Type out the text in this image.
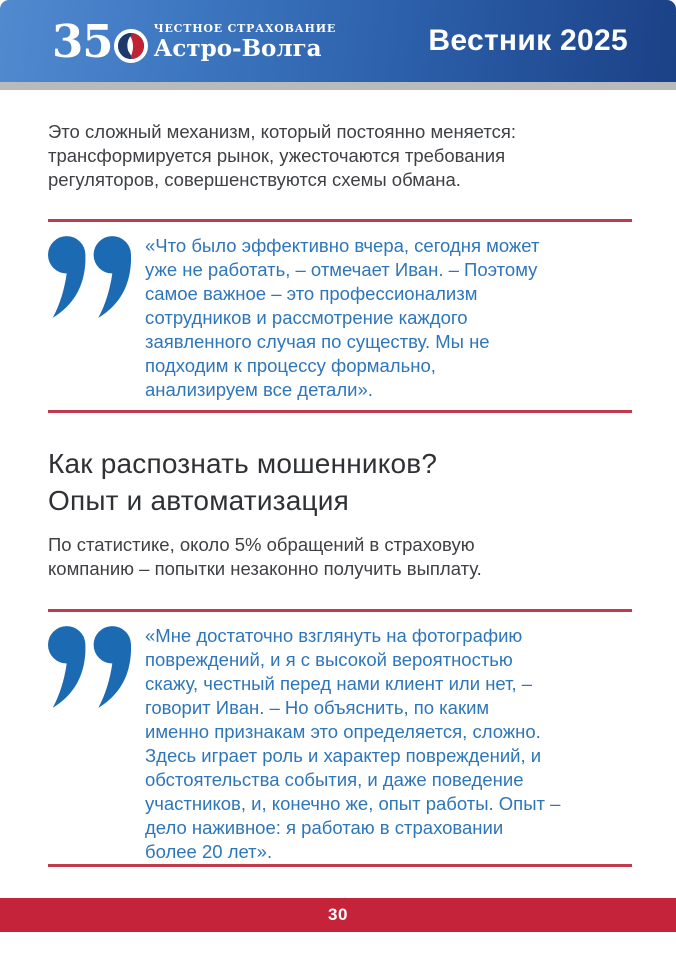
35	ЧЕСТНОЕ СТРАХОВАНИЕ
Астро-Волга	Вестник 2025

Это сложный механизм, который постоянно меняется:
трансформируется рынок, ужесточаются требования
регуляторов, совершенствуются схемы обмана.

«Что было эффективно вчера, сегодня может
уже не работать, – отмечает Иван. – Поэтому
самое важное – это профессионализм
сотрудников и рассмотрение каждого
заявленного случая по существу. Мы не
подходим к процессу формально,
анализируем все детали».
Как распознать мошенников?
Опыт и автоматизация

По статистике, около 5% обращений в страховую
компанию – попытки незаконно получить выплату.

«Мне достаточно взглянуть на фотографию
повреждений, и я с высокой вероятностью
скажу, честный перед нами клиент или нет, –
говорит Иван. – Но объяснить, по каким
именно признакам это определяется, сложно.
Здесь играет роль и характер повреждений, и
обстоятельства события, и даже поведение
участников, и, конечно же, опыт работы. Опыт –
дело наживное: я работаю в страховании
более 20 лет».
30
